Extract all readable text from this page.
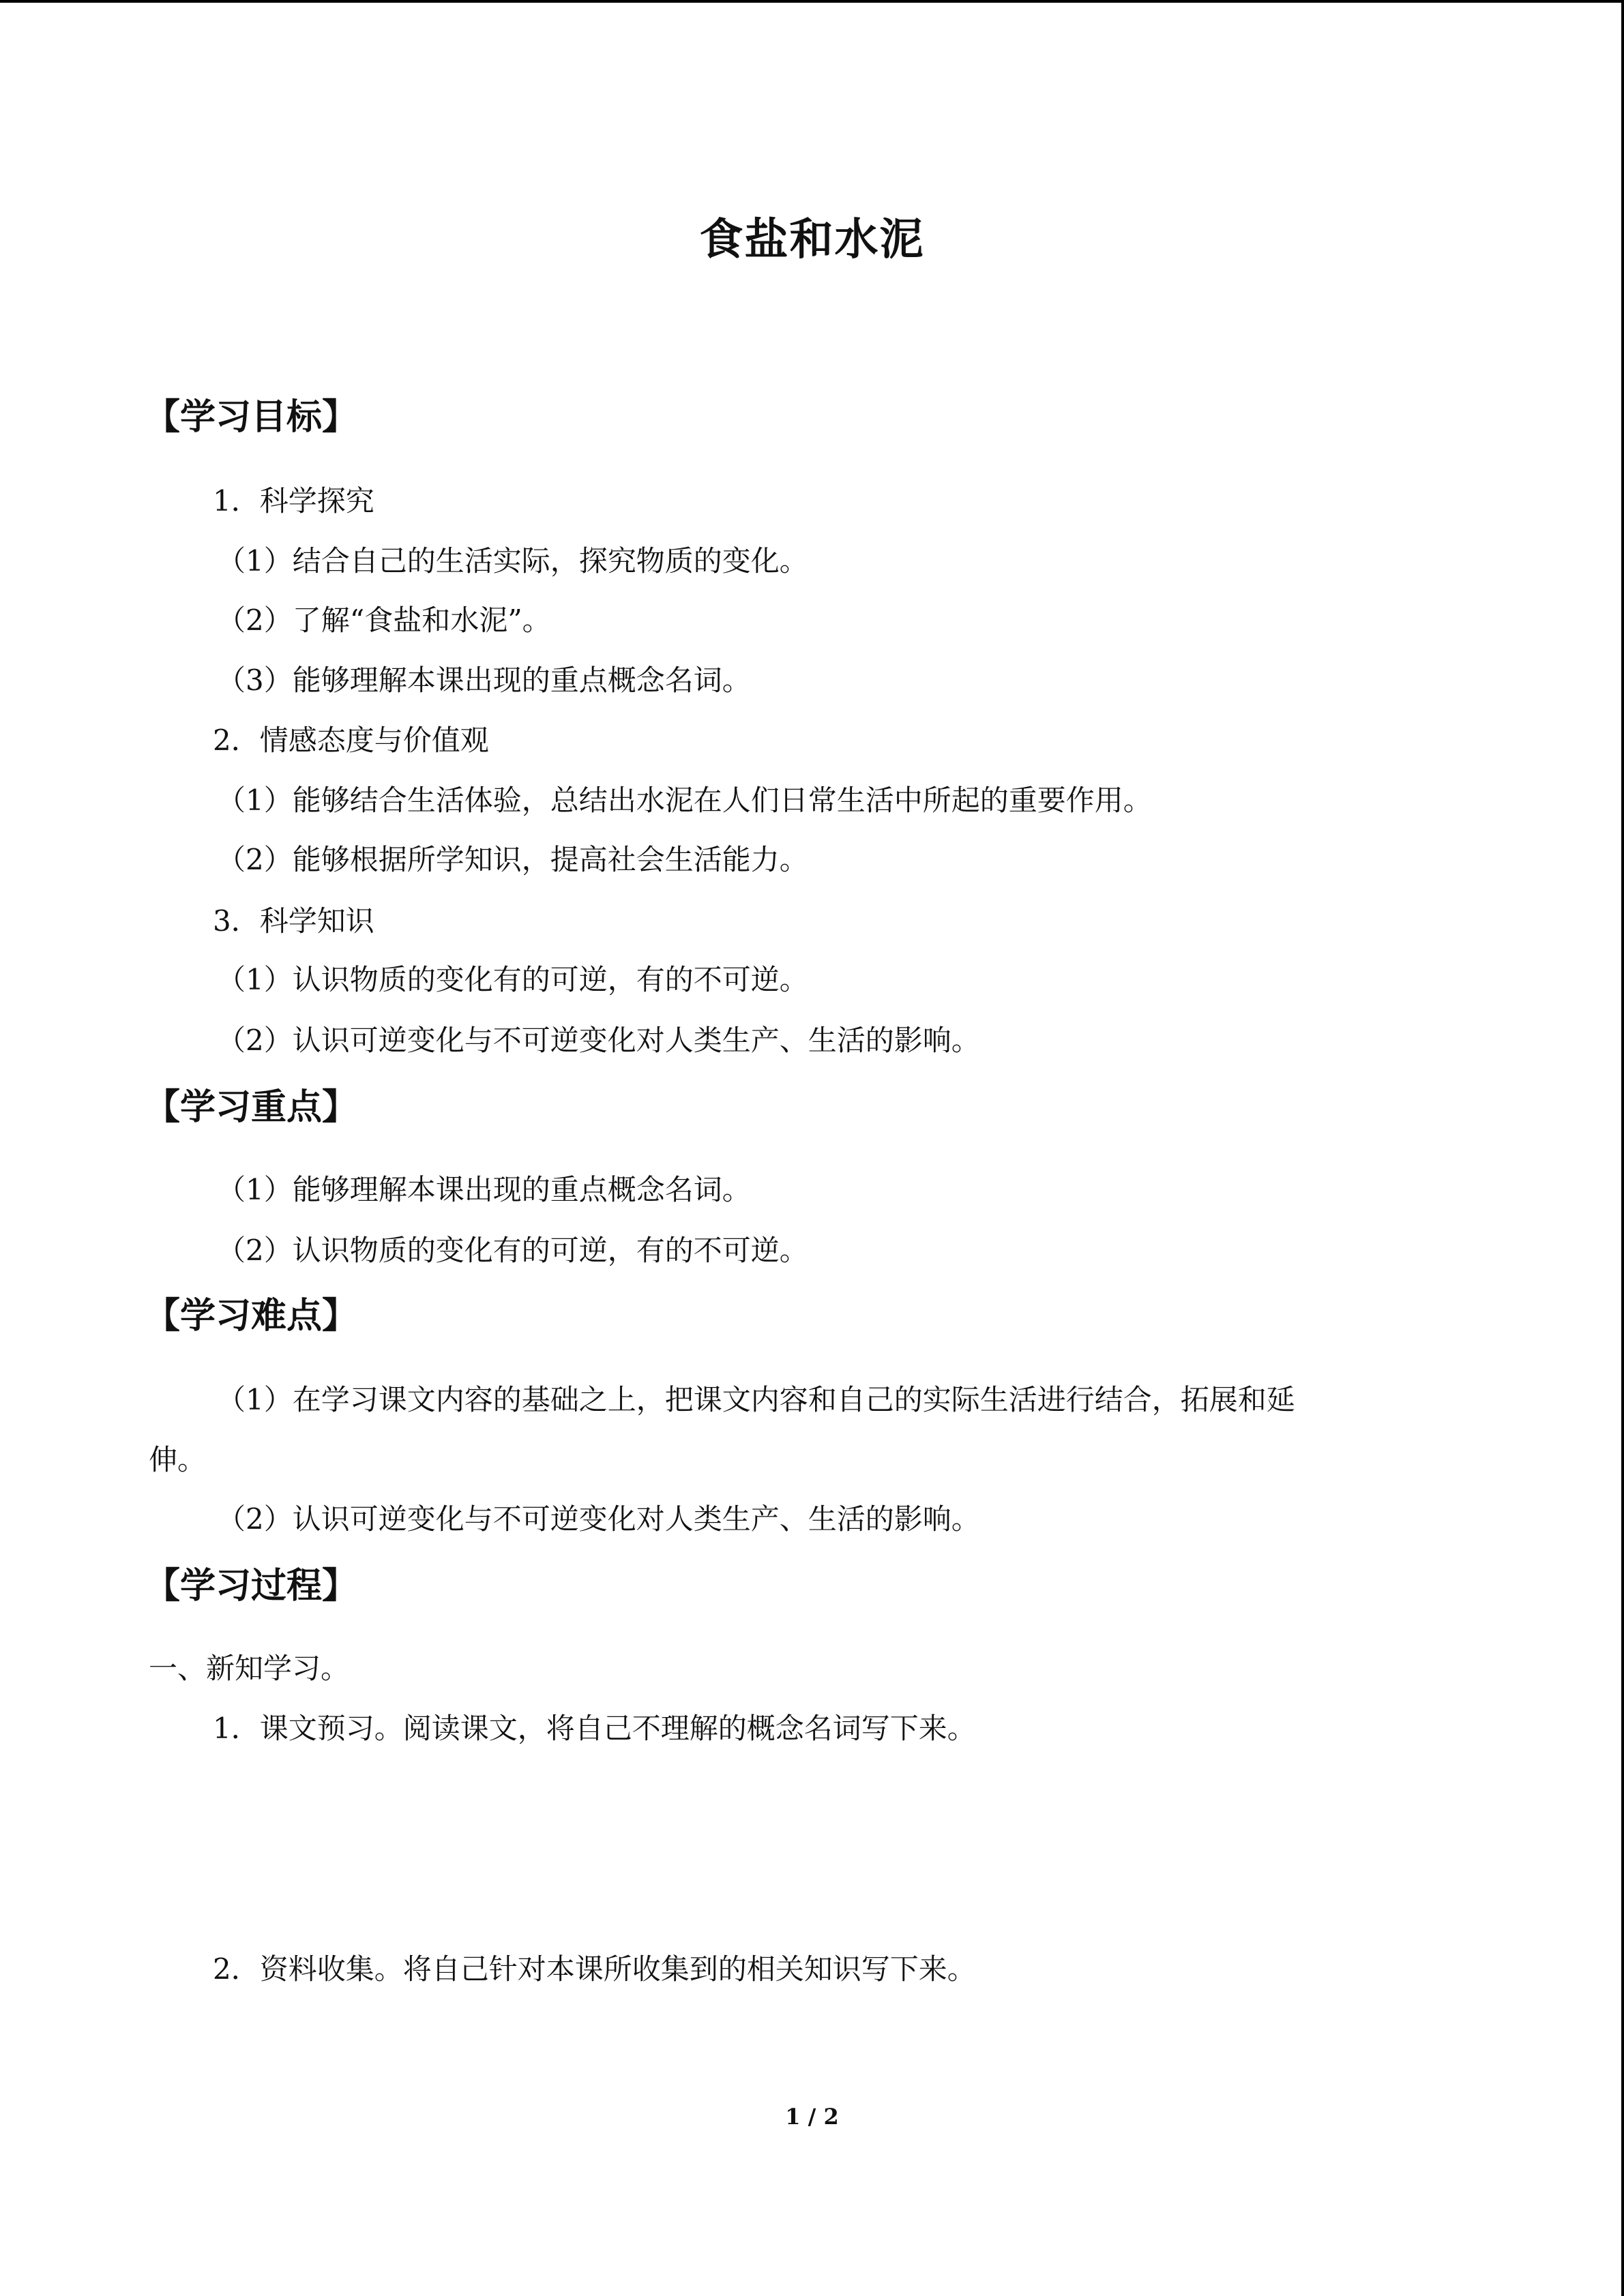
食盐和水泥
【学习目标】
1．科学探究
（1）结合自己的生活实际，探究物质的变化。
（2）了解“食盐和水泥”。
（3）能够理解本课出现的重点概念名词。
2．情感态度与价值观
（1）能够结合生活体验，总结出水泥在人们日常生活中所起的重要作用。
（2）能够根据所学知识，提高社会生活能力。
3．科学知识
（1）认识物质的变化有的可逆，有的不可逆。
（2）认识可逆变化与不可逆变化对人类生产、生活的影响。
【学习重点】
（1）能够理解本课出现的重点概念名词。
（2）认识物质的变化有的可逆，有的不可逆。
【学习难点】
（1）在学习课文内容的基础之上，把课文内容和自己的实际生活进行结合，拓展和延
伸。
（2）认识可逆变化与不可逆变化对人类生产、生活的影响。
【学习过程】
一、新知学习。
1．课文预习。阅读课文，将自己不理解的概念名词写下来。
2．资料收集。将自己针对本课所收集到的相关知识写下来。
1 / 2
